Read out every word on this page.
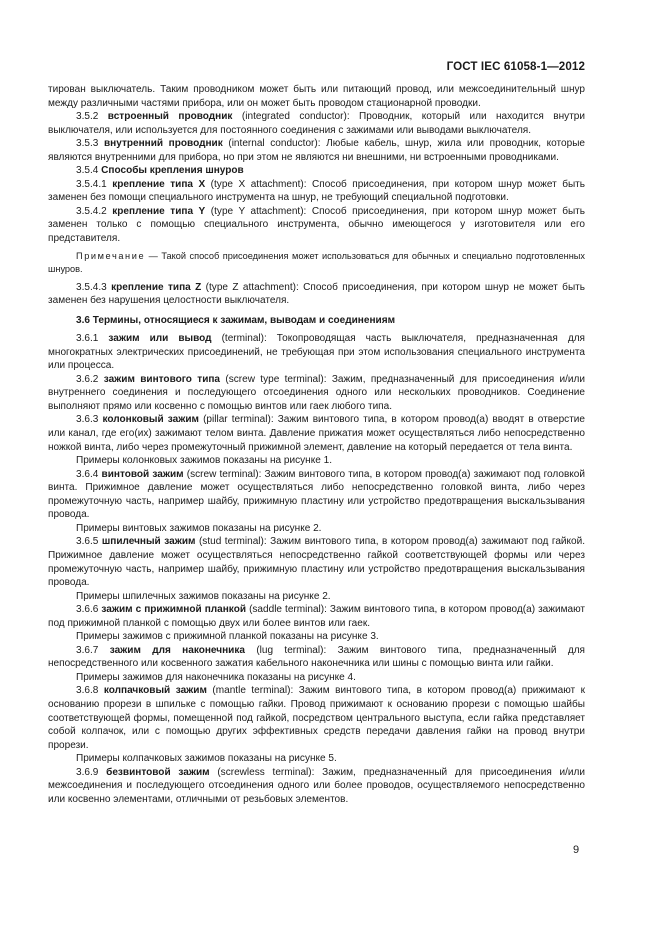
ГОСТ IEC 61058-1—2012

тирован выключатель. Таким проводником может быть или питающий провод, или межсоединительный шнур между различными частями прибора, или он может быть проводом стационарной проводки.

3.5.2 встроенный проводник (integrated conductor): Проводник, который или находится внутри выключателя, или используется для постоянного соединения с зажимами или выводами выключателя.

3.5.3 внутренний проводник (internal conductor): Любые кабель, шнур, жила или проводник, которые являются внутренними для прибора, но при этом не являются ни внешними, ни встроенными проводниками.

3.5.4 Способы крепления шнуров

3.5.4.1 крепление типа X (type X attachment): Способ присоединения, при котором шнур может быть заменен без помощи специального инструмента на шнур, не требующий специальной подготовки.

3.5.4.2 крепление типа Y (type Y attachment): Способ присоединения, при котором шнур может быть заменен только с помощью специального инструмента, обычно имеющегося у изготовителя или его представителя.

Примечание — Такой способ присоединения может использоваться для обычных и специально подготовленных шнуров.

3.5.4.3 крепление типа Z (type Z attachment): Способ присоединения, при котором шнур не может быть заменен без нарушения целостности выключателя.

3.6 Термины, относящиеся к зажимам, выводам и соединениям

3.6.1 зажим или вывод (terminal): Токопроводящая часть выключателя, предназначенная для многократных электрических присоединений, не требующая при этом использования специального инструмента или процесса.

3.6.2 зажим винтового типа (screw type terminal): Зажим, предназначенный для присоединения и/или внутреннего соединения и последующего отсоединения одного или нескольких проводников. Соединение выполняют прямо или косвенно с помощью винтов или гаек любого типа.

3.6.3 колонковый зажим (pillar terminal): Зажим винтового типа, в котором провод(а) вводят в отверстие или канал, где его(их) зажимают телом винта. Давление прижатия может осуществляться либо непосредственно ножкой винта, либо через промежуточный прижимной элемент, давление на который передается от тела винта.

Примеры колонковых зажимов показаны на рисунке 1.

3.6.4 винтовой зажим (screw terminal): Зажим винтового типа, в котором провод(а) зажимают под головкой винта. Прижимное давление может осуществляться либо непосредственно головкой винта, либо через промежуточную часть, например шайбу, прижимную пластину или устройство предотвращения выскальзывания провода.

Примеры винтовых зажимов показаны на рисунке 2.

3.6.5 шпилечный зажим (stud terminal): Зажим винтового типа, в котором провод(а) зажимают под гайкой. Прижимное давление может осуществляться непосредственно гайкой соответствующей формы или через промежуточную часть, например шайбу, прижимную пластину или устройство предотвращения выскальзывания провода.

Примеры шпилечных зажимов показаны на рисунке 2.

3.6.6 зажим с прижимной планкой (saddle terminal): Зажим винтового типа, в котором провод(а) зажимают под прижимной планкой с помощью двух или более винтов или гаек.

Примеры зажимов с прижимной планкой показаны на рисунке 3.

3.6.7 зажим для наконечника (lug terminal): Зажим винтового типа, предназначенный для непосредственного или косвенного зажатия кабельного наконечника или шины с помощью винта или гайки.

Примеры зажимов для наконечника показаны на рисунке 4.

3.6.8 колпачковый зажим (mantle terminal): Зажим винтового типа, в котором провод(а) прижимают к основанию прорези в шпильке с помощью гайки. Провод прижимают к основанию прорези с помощью шайбы соответствующей формы, помещенной под гайкой, посредством центрального выступа, если гайка представляет собой колпачок, или с помощью других эффективных средств передачи давления гайки на провод внутри прорези.

Примеры колпачковых зажимов показаны на рисунке 5.

3.6.9 безвинтовой зажим (screwless terminal): Зажим, предназначенный для присоединения и/или межсоединения и последующего отсоединения одного или более проводов, осуществляемого непосредственно или косвенно элементами, отличными от резьбовых элементов.

9
